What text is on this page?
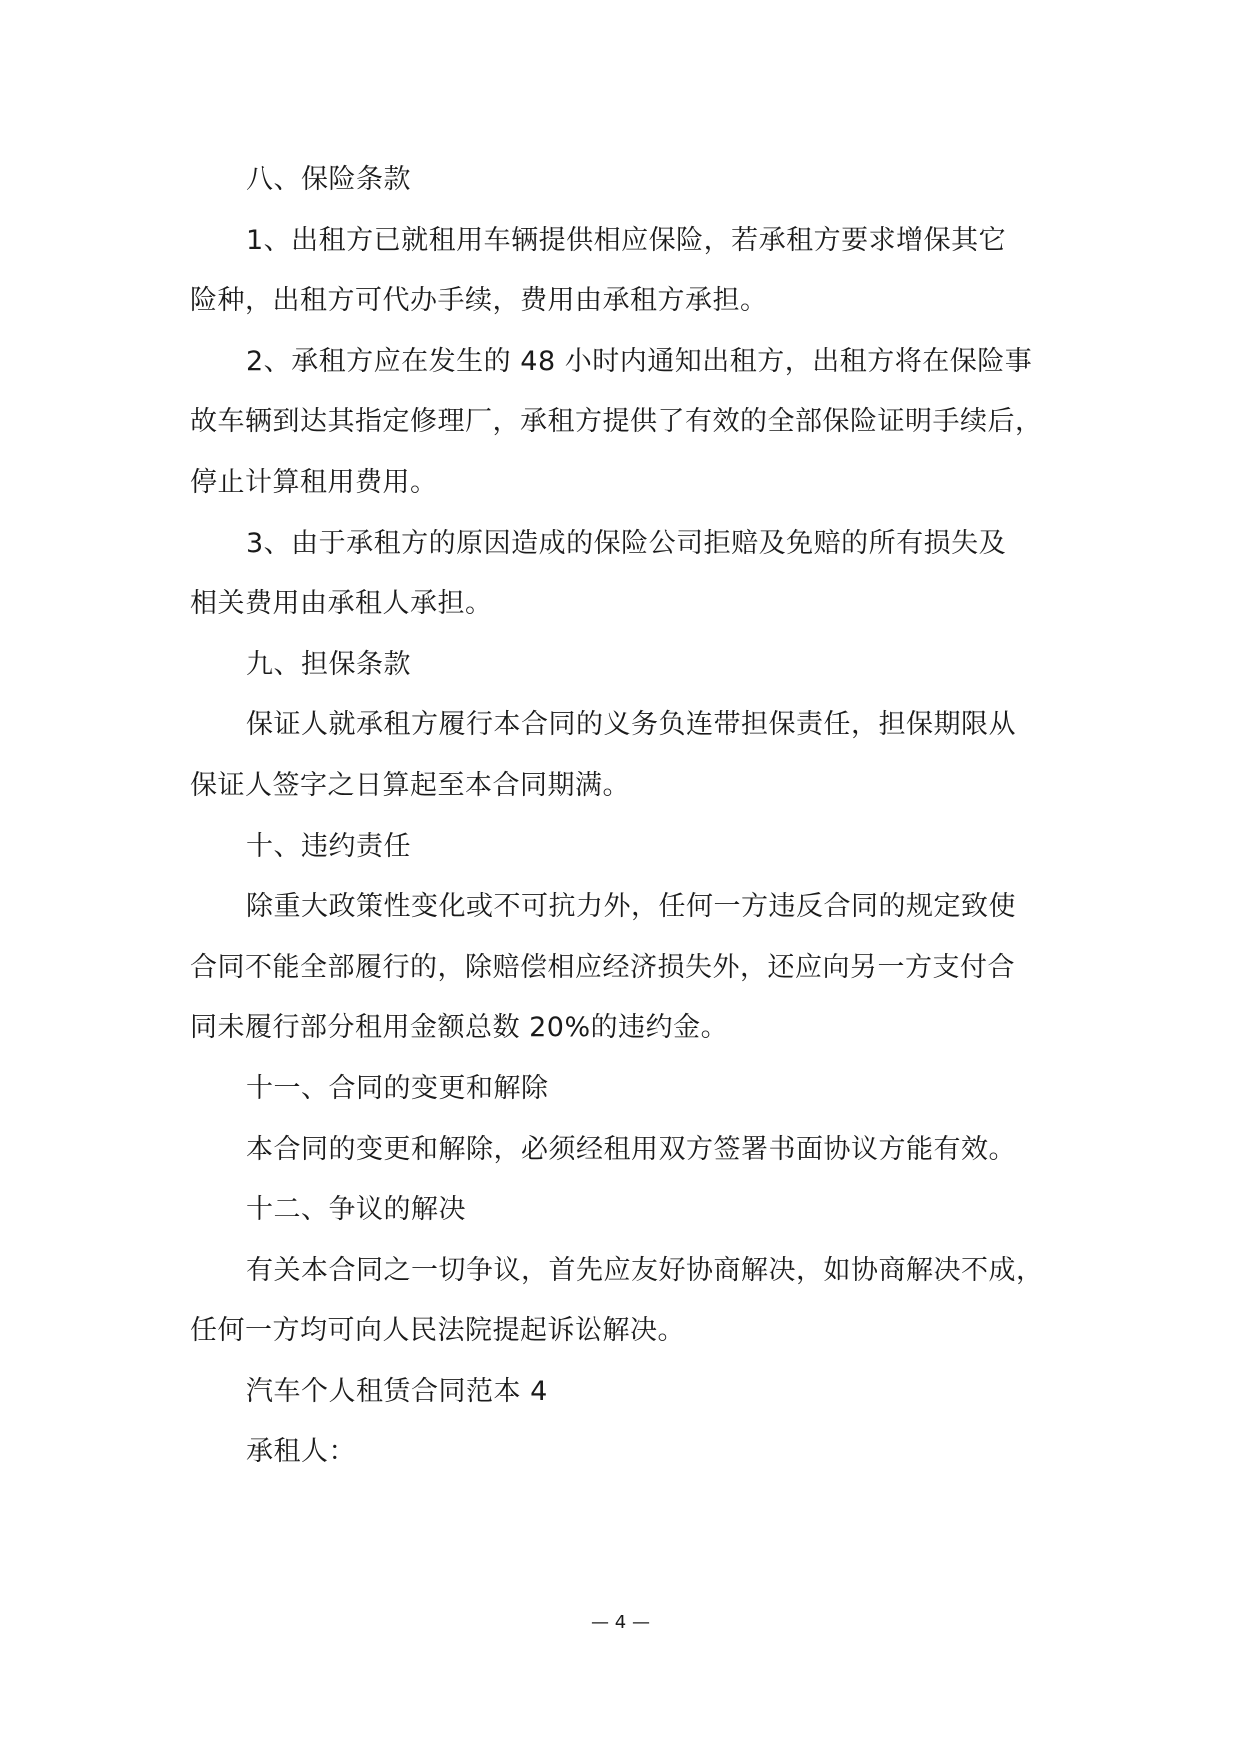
八、保险条款
1、出租方已就租用车辆提供相应保险，若承租方要求增保其它
险种，出租方可代办手续，费用由承租方承担。
2、承租方应在发生的 48 小时内通知出租方，出租方将在保险事
故车辆到达其指定修理厂，承租方提供了有效的全部保险证明手续后，
停止计算租用费用。
3、由于承租方的原因造成的保险公司拒赔及免赔的所有损失及
相关费用由承租人承担。
九、担保条款
保证人就承租方履行本合同的义务负连带担保责任，担保期限从
保证人签字之日算起至本合同期满。
十、违约责任
除重大政策性变化或不可抗力外，任何一方违反合同的规定致使
合同不能全部履行的，除赔偿相应经济损失外，还应向另一方支付合
同未履行部分租用金额总数 20%的违约金。
十一、合同的变更和解除
本合同的变更和解除，必须经租用双方签署书面协议方能有效。
十二、争议的解决
有关本合同之一切争议，首先应友好协商解决，如协商解决不成，
任何一方均可向人民法院提起诉讼解决。
汽车个人租赁合同范本 4
承租人：
— 4 —
